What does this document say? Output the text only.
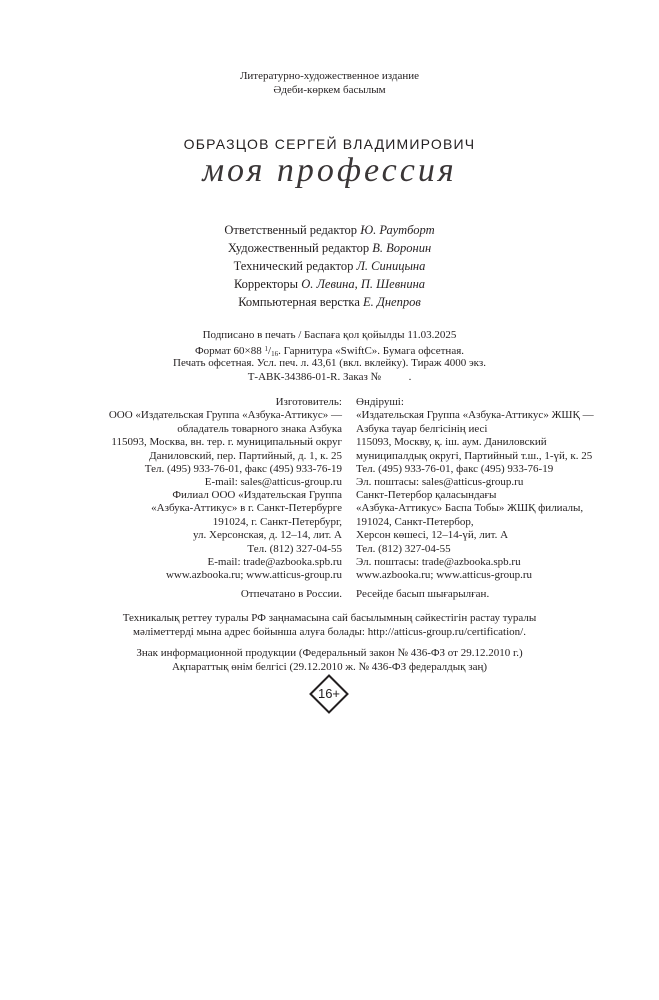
Литературно-художественное издание
Әдеби-көркем басылым
ОБРАЗЦОВ СЕРГЕЙ ВЛАДИМИРОВИЧ
моя профессия
Ответственный редактор Ю. Раутборт
Художественный редактор В. Воронин
Технический редактор Л. Синицына
Корректоры О. Левина, П. Шевнина
Компьютерная верстка Е. Днепров
Подписано в печать / Баспаға қол қойылды 11.03.2025
Формат 60×88 $^1/_{16}$. Гарнитура «SwiftC». Бумага офсетная.
Печать офсетная. Усл. печ. л. 43,61 (вкл. вклейку). Тираж 4000 экз.
Т-АВК-34386-01-R. Заказ №          .
Изготовитель:
ООО «Издательская Группа «Азбука-Аттикус» —
обладатель товарного знака Азбука
115093, Москва, вн. тер. г. муниципальный округ
Даниловский, пер. Партийный, д. 1, к. 25
Тел. (495) 933-76-01, факс (495) 933-76-19
E-mail: sales@atticus-group.ru
Өндіруші:
«Издательская Группа «Азбука-Аттикус» ЖШҚ —
Азбука тауар белгісінің иесі
115093, Москву, қ. іш. аум. Даниловский
муниципалдық округі, Партийный т.ш., 1-үй, к. 25
Тел. (495) 933-76-01, факс (495) 933-76-19
Эл. поштасы: sales@atticus-group.ru
Филиал ООО «Издательская Группа
«Азбука-Аттикус» в г. Санкт-Петербурге
191024, г. Санкт-Петербург,
ул. Херсонская, д. 12–14, лит. А
Тел. (812) 327-04-55
E-mail: trade@azbooka.spb.ru
Санкт-Петербор қаласындағы
«Азбука-Аттикус» Баспа Тобы» ЖШҚ филиалы,
191024, Санкт-Петербор,
Херсон көшесі, 12–14-үй, лит. А
Тел. (812) 327-04-55
Эл. поштасы: trade@azbooka.spb.ru
www.azbooka.ru; www.atticus-group.ru www.azbooka.ru; www.atticus-group.ru
Отпечатано в России. Ресейде басып шығарылған.
Техникалық реттеу туралы РФ заңнамасына сай басылымның сәйкестігін растау туралы
мәліметтерді мына адрес бойынша алуға болады: http://atticus-group.ru/certification/.
Знак информационной продукции (Федеральный закон № 436-ФЗ от 29.12.2010 г.)
Ақпараттық өнім белгісі (29.12.2010 ж. № 436-ФЗ федералдық заң)
16+
